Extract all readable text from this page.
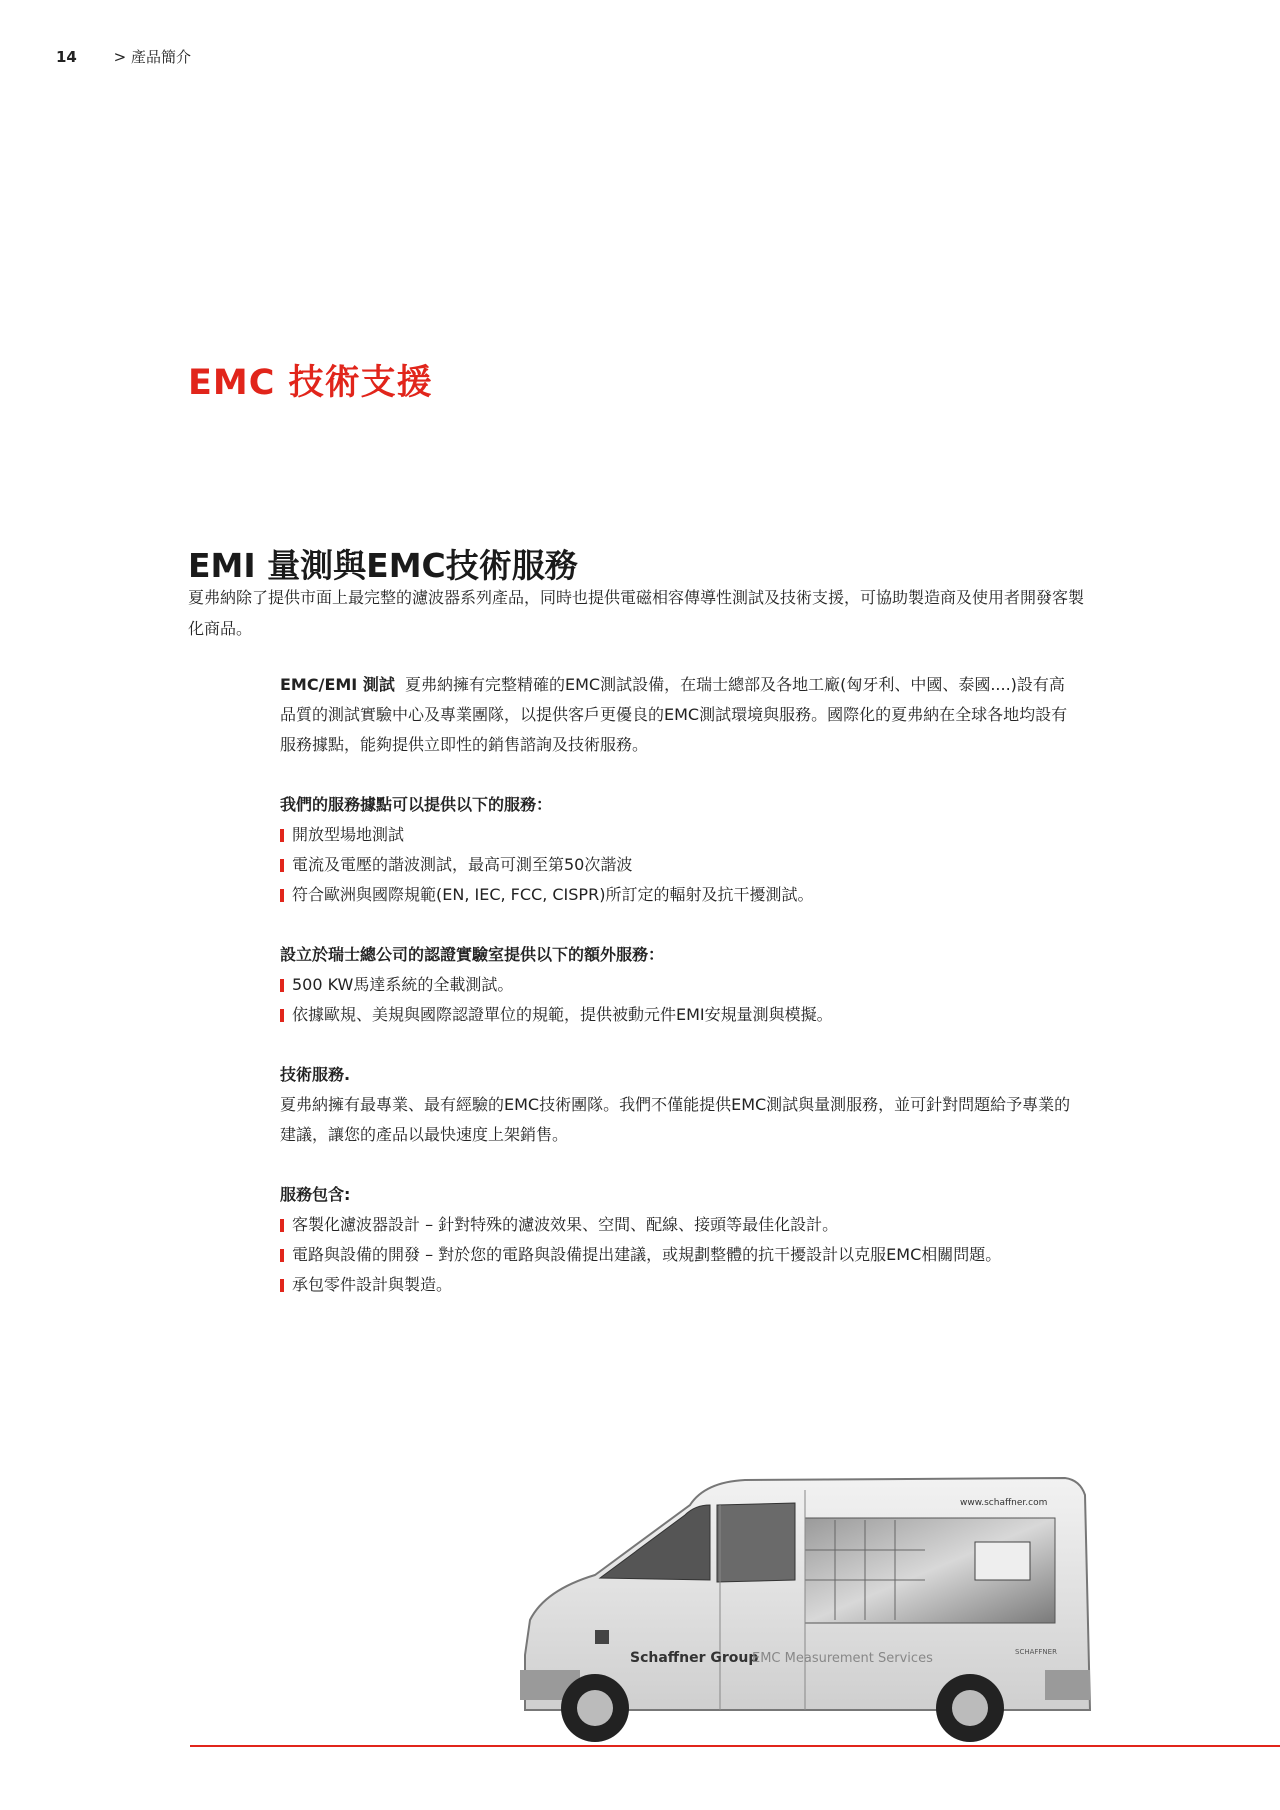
14 > 產品簡介
EMC 技術支援
EMI 量測與EMC技術服務

夏弗納除了提供市面上最完整的濾波器系列產品，同時也提供電磁相容傳導性測試及技術支援，可協助製造商及使用者開發客製化商品。

EMC/EMI 測試 夏弗納擁有完整精確的EMC測試設備，在瑞士總部及各地工廠(匈牙利、中國、泰國....)設有高品質的測試實驗中心及專業團隊，以提供客戶更優良的EMC測試環境與服務。國際化的夏弗納在全球各地均設有服務據點，能夠提供立即性的銷售諮詢及技術服務。

我們的服務據點可以提供以下的服務：

開放型場地測試

電流及電壓的諧波測試，最高可測至第50次諧波

符合歐洲與國際規範(EN, IEC, FCC, CISPR)所訂定的輻射及抗干擾測試。

設立於瑞士總公司的認證實驗室提供以下的額外服務：

500 KW馬達系統的全載測試。

依據歐規、美規與國際認證單位的規範，提供被動元件EMI安規量測與模擬。

技術服務.

夏弗納擁有最專業、最有經驗的EMC技術團隊。我們不僅能提供EMC測試與量測服務，並可針對問題給予專業的建議，讓您的產品以最快速度上架銷售。

服務包含:

客製化濾波器設計 – 針對特殊的濾波效果、空間、配線、接頭等最佳化設計。

電路與設備的開發 – 對於您的電路與設備提出建議，或規劃整體的抗干擾設計以克服EMC相關問題。

承包零件設計與製造。

www.schaffner.com
Schaffner Group
EMC Measurement Services	SCHAFFNER
